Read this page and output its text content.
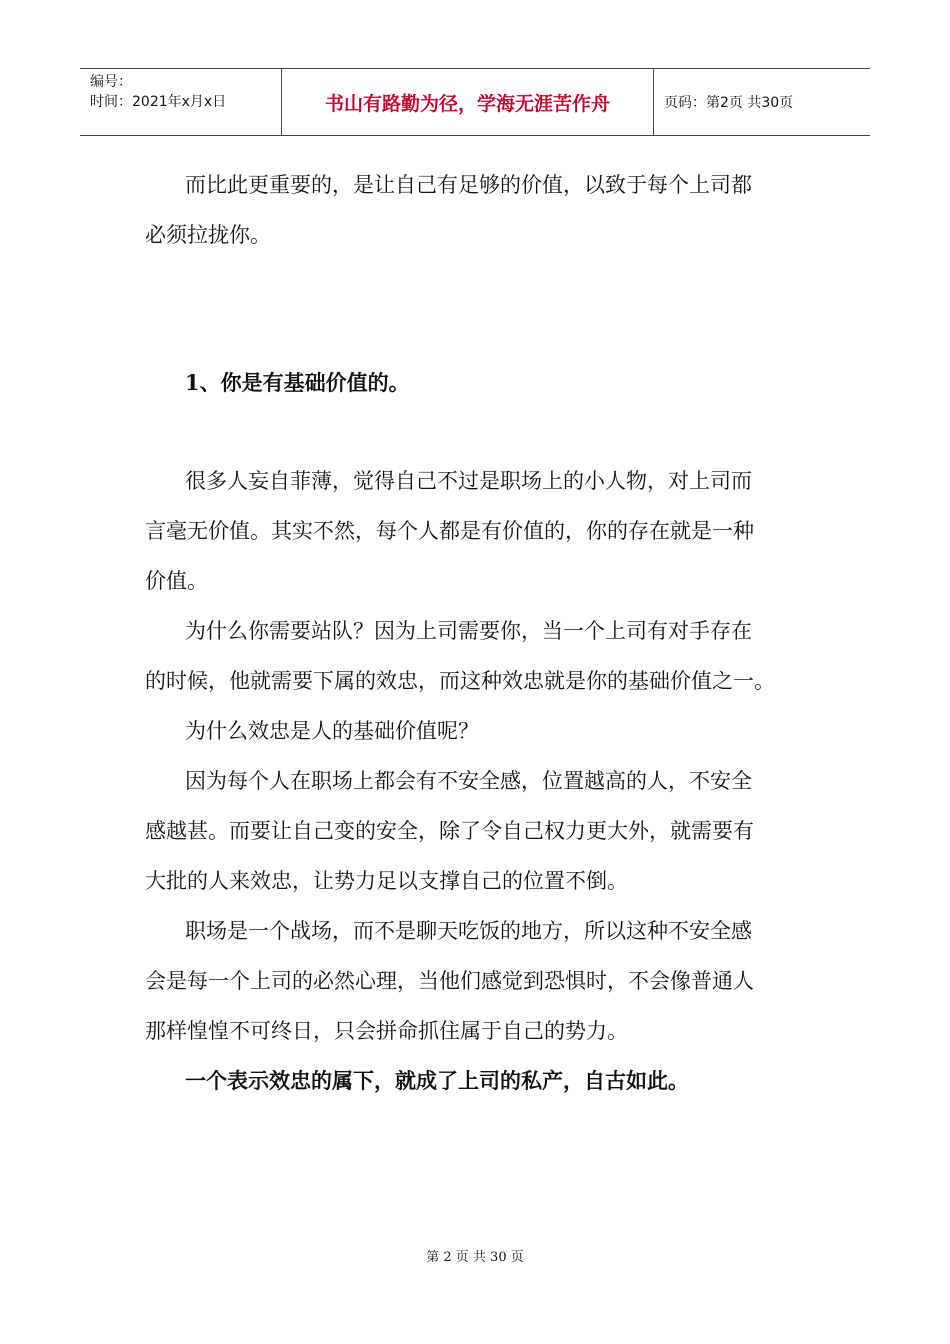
编号：
时间：2021年x月x日	书山有路勤为径，学海无涯苦作舟	页码：第2页 共30页

而比此更重要的，是让自己有足够的价值，以致于每个上司都
必须拉拢你。

1、你是有基础价值的。

很多人妄自菲薄，觉得自己不过是职场上的小人物，对上司而
言毫无价值。其实不然，每个人都是有价值的，你的存在就是一种
价值。

为什么你需要站队？因为上司需要你，当一个上司有对手存在
的时候，他就需要下属的效忠，而这种效忠就是你的基础价值之一。

为什么效忠是人的基础价值呢？

因为每个人在职场上都会有不安全感，位置越高的人，不安全
感越甚。而要让自己变的安全，除了令自己权力更大外，就需要有
大批的人来效忠，让势力足以支撑自己的位置不倒。

职场是一个战场，而不是聊天吃饭的地方，所以这种不安全感
会是每一个上司的必然心理，当他们感觉到恐惧时，不会像普通人
那样惶惶不可终日，只会拼命抓住属于自己的势力。

一个表示效忠的属下，就成了上司的私产，自古如此。

第 2 页 共 30 页
